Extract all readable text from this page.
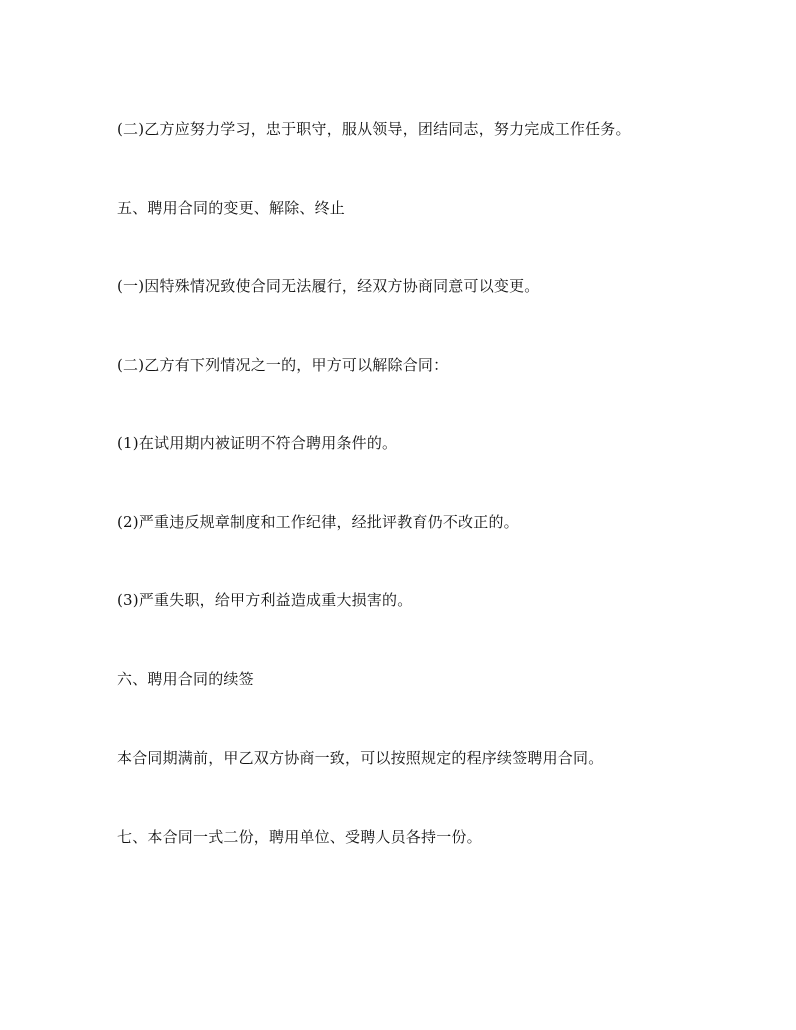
(二)乙方应努力学习，忠于职守，服从领导，团结同志，努力完成工作任务。

五、聘用合同的变更、解除、终止

(一)因特殊情况致使合同无法履行，经双方协商同意可以变更。

(二)乙方有下列情况之一的，甲方可以解除合同：

(1)在试用期内被证明不符合聘用条件的。

(2)严重违反规章制度和工作纪律，经批评教育仍不改正的。

(3)严重失职，给甲方利益造成重大损害的。

六、聘用合同的续签

本合同期满前，甲乙双方协商一致，可以按照规定的程序续签聘用合同。

七、本合同一式二份，聘用单位、受聘人员各持一份。
